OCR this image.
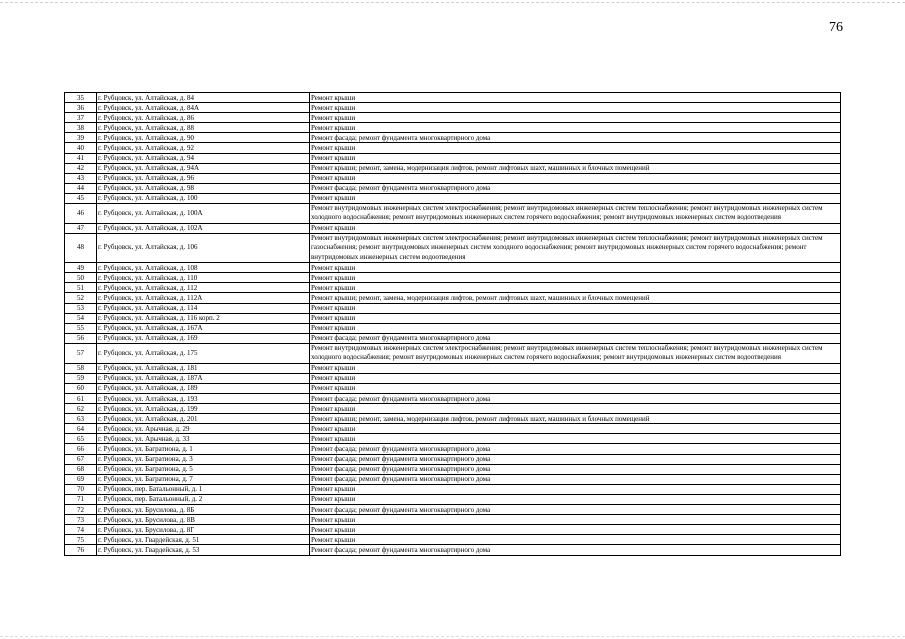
76
35	г. Рубцовск, ул. Алтайская, д. 84	Ремонт крыши
36	г. Рубцовск, ул. Алтайская, д. 84А	Ремонт крыши
37	г. Рубцовск, ул. Алтайская, д. 86	Ремонт крыши
38	г. Рубцовск, ул. Алтайская, д. 88	Ремонт крыши
39	г. Рубцовск, ул. Алтайская, д. 90	Ремонт фасада; ремонт фундамента многоквартирного дома
40	г. Рубцовск, ул. Алтайская, д. 92	Ремонт крыши
41	г. Рубцовск, ул. Алтайская, д. 94	Ремонт крыши
42	г. Рубцовск, ул. Алтайская, д. 94А	Ремонт крыши; ремонт, замена, модернизация лифтов, ремонт лифтовых шахт, машинных и блочных помещений
43	г. Рубцовск, ул. Алтайская, д. 96	Ремонт крыши
44	г. Рубцовск, ул. Алтайская, д. 98	Ремонт фасада; ремонт фундамента многоквартирного дома
45	г. Рубцовск, ул. Алтайская, д. 100	Ремонт крыши
46	г. Рубцовск, ул. Алтайская, д. 100А	Ремонт внутридомовых инженерных систем электроснабжения; ремонт внутридомовых инженерных систем теплоснабжения; ремонт внутридомовых инженерных систем холодного водоснабжения; ремонт внутридомовых инженерных систем горячего водоснабжения; ремонт внутридомовых инженерных систем водоотведения
47	г. Рубцовск, ул. Алтайская, д. 102А	Ремонт крыши
48	г. Рубцовск, ул. Алтайская, д. 106	Ремонт внутридомовых инженерных систем электроснабжения; ремонт внутридомовых инженерных систем теплоснабжения; ремонт внутридомовых инженерных систем газоснабжения; ремонт внутридомовых инженерных систем холодного водоснабжения; ремонт внутридомовых инженерных систем горячего водоснабжения; ремонт внутридомовых инженерных систем водоотведения
49	г. Рубцовск, ул. Алтайская, д. 108	Ремонт крыши
50	г. Рубцовск, ул. Алтайская, д. 110	Ремонт крыши
51	г. Рубцовск, ул. Алтайская, д. 112	Ремонт крыши
52	г. Рубцовск, ул. Алтайская, д. 112А	Ремонт крыши; ремонт, замена, модернизация лифтов, ремонт лифтовых шахт, машинных и блочных помещений
53	г. Рубцовск, ул. Алтайская, д. 114	Ремонт крыши
54	г. Рубцовск, ул. Алтайская, д. 116 корп. 2	Ремонт крыши
55	г. Рубцовск, ул. Алтайская, д. 167А	Ремонт крыши
56	г. Рубцовск, ул. Алтайская, д. 169	Ремонт фасада; ремонт фундамента многоквартирного дома
57	г. Рубцовск, ул. Алтайская, д. 175	Ремонт внутридомовых инженерных систем электроснабжения; ремонт внутридомовых инженерных систем теплоснабжения; ремонт внутридомовых инженерных систем холодного водоснабжения; ремонт внутридомовых инженерных систем горячего водоснабжения; ремонт внутридомовых инженерных систем водоотведения
58	г. Рубцовск, ул. Алтайская, д. 181	Ремонт крыши
59	г. Рубцовск, ул. Алтайская, д. 187А	Ремонт крыши
60	г. Рубцовск, ул. Алтайская, д. 189	Ремонт крыши
61	г. Рубцовск, ул. Алтайская, д. 193	Ремонт фасада; ремонт фундамента многоквартирного дома
62	г. Рубцовск, ул. Алтайская, д. 199	Ремонт крыши
63	г. Рубцовск, ул. Алтайская, д. 201	Ремонт крыши; ремонт, замена, модернизация лифтов, ремонт лифтовых шахт, машинных и блочных помещений
64	г. Рубцовск, ул. Арычная, д. 29	Ремонт крыши
65	г. Рубцовск, ул. Арычная, д. 33	Ремонт крыши
66	г. Рубцовск, ул. Багратиона, д. 1	Ремонт фасада; ремонт фундамента многоквартирного дома
67	г. Рубцовск, ул. Багратиона, д. 3	Ремонт фасада; ремонт фундамента многоквартирного дома
68	г. Рубцовск, ул. Багратиона, д. 5	Ремонт фасада; ремонт фундамента многоквартирного дома
69	г. Рубцовск, ул. Багратиона, д. 7	Ремонт фасада; ремонт фундамента многоквартирного дома
70	г. Рубцовск, пер. Батальонный, д. 1	Ремонт крыши
71	г. Рубцовск, пер. Батальонный, д. 2	Ремонт крыши
72	г. Рубцовск, ул. Брусилова, д. 8Б	Ремонт фасада; ремонт фундамента многоквартирного дома
73	г. Рубцовск, ул. Брусилова, д. 8В	Ремонт крыши
74	г. Рубцовск, ул. Брусилова, д. 8Г	Ремонт крыши
75	г. Рубцовск, ул. Гвардейская, д. 51	Ремонт крыши
76	г. Рубцовск, ул. Гвардейская, д. 53	Ремонт фасада; ремонт фундамента многоквартирного дома
